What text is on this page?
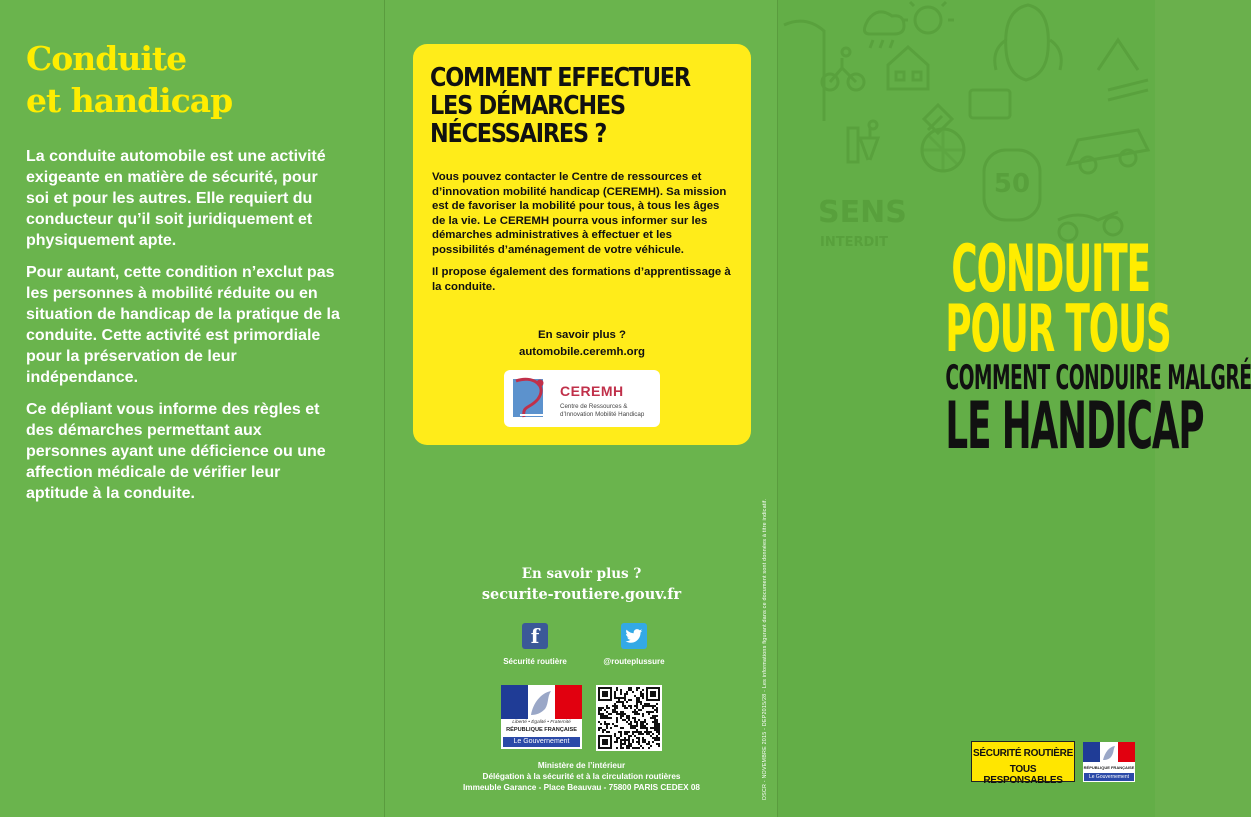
Conduite
et handicap

La conduite automobile est une activité exigeante en matière de sécurité, pour soi et pour les autres. Elle requiert du conducteur qu’il soit juridiquement et physiquement apte.

Pour autant, cette condition n’exclut pas les personnes à mobilité réduite ou en situation de handicap de la pratique de la conduite. Cette activité est primordiale pour la préservation de leur indépendance.

Ce dépliant vous informe des règles et des démarches permettant aux personnes ayant une déficience ou une affection médicale de vérifier leur aptitude à la conduite.

COMMENT EFFECTUER
LES DÉMARCHES
NÉCESSAIRES ?

Vous pouvez contacter le Centre de ressources et d’innovation mobilité handicap (CEREMH). Sa mission est de favoriser la mobilité pour tous, à tous les âges de la vie. Le CEREMH pourra vous informer sur les démarches administratives à effectuer et les possibilités d’aménagement de votre véhicule.

Il propose également des formations d’apprentissage à la conduite.

En savoir plus ?
automobile.ceremh.org
CEREMH
Centre de Ressources & d’Innovation Mobilité Handicap
En savoir plus ?
securite-routiere.gouv.fr
f
Sécurité routière	@routeplussure
Liberté • Égalité • Fraternité
RÉPUBLIQUE FRANÇAISE
Le Gouvernement
Ministère de l’intérieur
Délégation à la sécurité et à la circulation routières
Immeuble Garance - Place Beauvau - 75800 PARIS CEDEX 08	DSCR - NOVEMBRE 2015 - DEP2015/28 - Les informations figurant dans ce document sont données à titre indicatif.
50
SENS
INTERDIT CONDUITE
POUR TOUS
COMMENT CONDUIRE MALGRÉ
LE HANDICAP
SÉCURITÉ ROUTIÈRE
TOUS RESPONSABLES
RÉPUBLIQUE FRANÇAISE
Le Gouvernement
